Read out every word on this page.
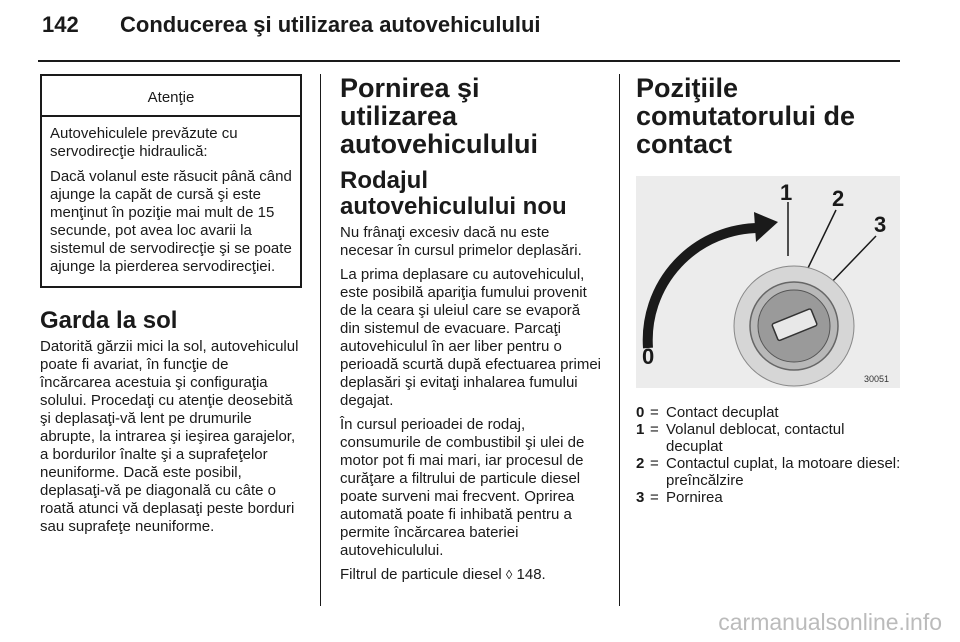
142 Conducerea şi utilizarea autovehiculului
Atenţie

Autovehiculele prevăzute cu servodirecţie hidraulică:

Dacă volanul este răsucit până când ajunge la capăt de cursă şi este menţinut în poziţie mai mult de 15 secunde, pot avea loc avarii la sistemul de servodirecţie şi se poate ajunge la pierderea servodirecţiei.

Garda la sol

Datorită gărzii mici la sol, autovehiculul poate fi avariat, în funcţie de încărcarea acestuia şi configuraţia solului. Procedaţi cu atenţie deosebită şi deplasaţi-vă lent pe drumurile abrupte, la intrarea şi ieşirea garajelor, a bordurilor înalte şi a suprafeţelor neuniforme. Dacă este posibil, deplasaţi-vă pe diagonală cu câte o roată atunci vă deplasaţi peste borduri sau suprafeţe neuniforme.

Pornirea şi utilizarea autovehiculului
Rodajul autovehiculului nou

Nu frânaţi excesiv dacă nu este necesar în cursul primelor deplasări.

La prima deplasare cu autovehiculul, este posibilă apariţia fumului provenit de la ceara şi uleiul care se evaporă din sistemul de evacuare. Parcaţi autovehiculul în aer liber pentru o perioadă scurtă după efectuarea primei deplasări şi evitaţi inhalarea fumului degajat.

În cursul perioadei de rodaj, consumurile de combustibil şi ulei de motor pot fi mai mari, iar procesul de curăţare a filtrului de particule diesel poate surveni mai frecvent. Oprirea automată poate fi inhibată pentru a permite încărcarea bateriei autovehiculului.

Filtrul de particule diesel ◊ 148.

Poziţiile comutatorului de contact
1 2
3
0
30051
0 = Contact decuplat
1 = Volanul deblocat, contactul decuplat
2 = Contactul cuplat, la motoare diesel: preîncălzire
3 = Pornirea
carmanualsonline.info
